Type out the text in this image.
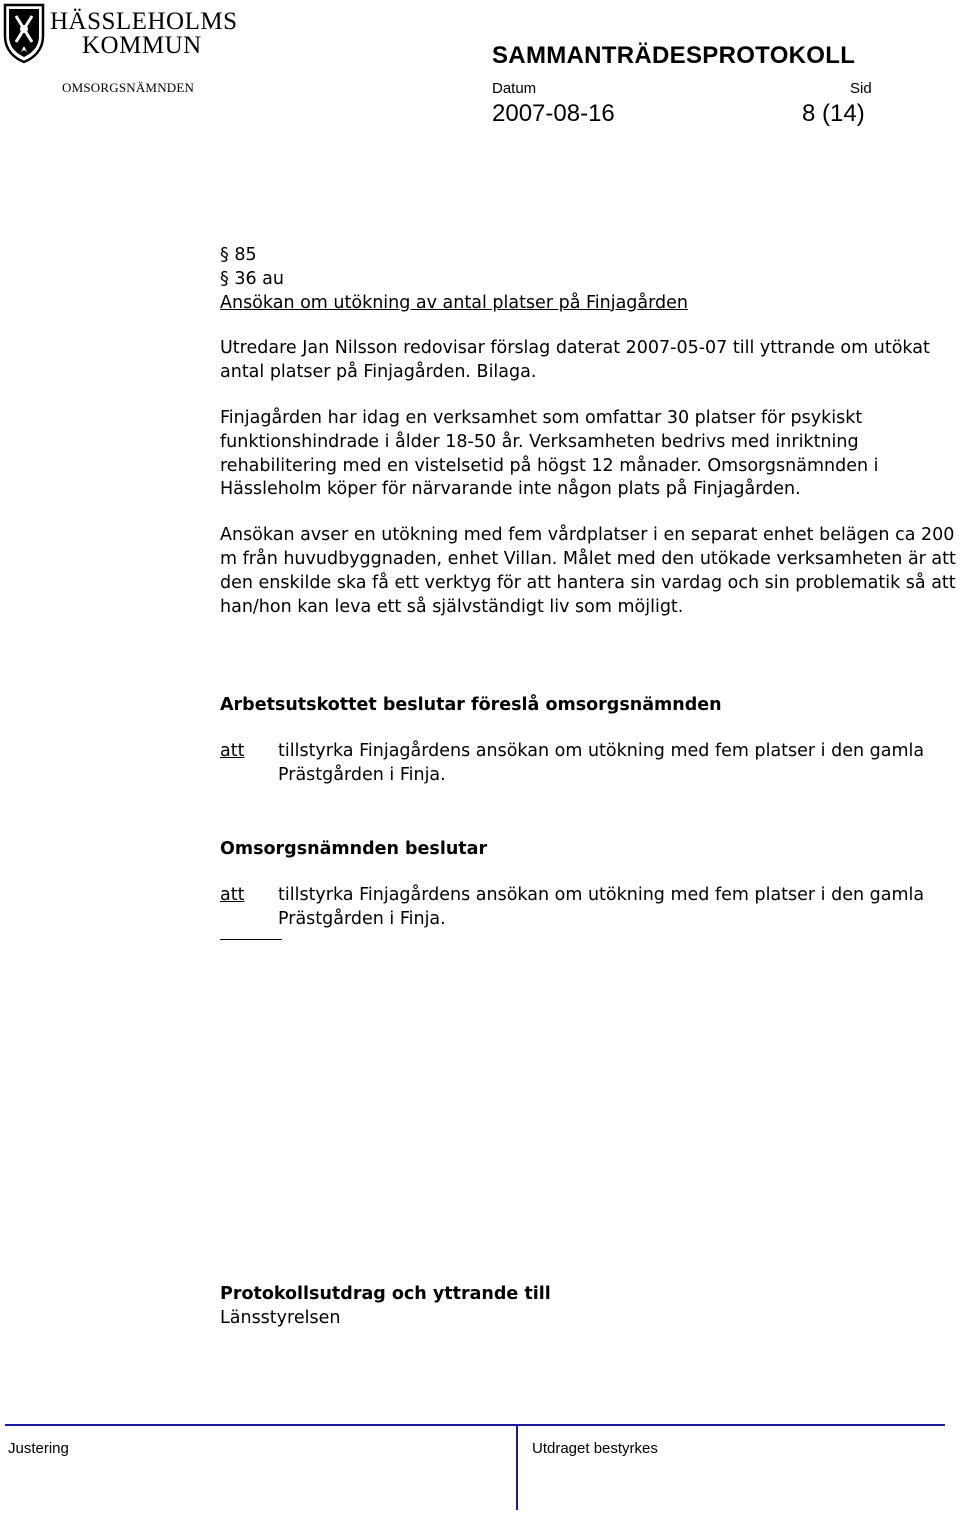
HÄSSLEHOLMS
KOMMUN
OMSORGSNÄMNDEN
SAMMANTRÄDESPROTOKOLL
Datum	Sid
2007-08-16	8 (14)

§ 85

§ 36 au

Ansökan om utökning av antal platser på Finjagården

Utredare Jan Nilsson redovisar förslag daterat 2007-05-07 till yttrande om utökat antal platser på Finjagården. Bilaga.

Finjagården har idag en verksamhet som omfattar 30 platser för psykiskt funktionshindrade i ålder 18-50 år. Verksamheten bedrivs med inriktning rehabilitering med en vistelsetid på högst 12 månader. Omsorgsnämnden i Hässleholm köper för närvarande inte någon plats på Finjagården.

Ansökan avser en utökning med fem vårdplatser i en separat enhet belägen ca 200 m från huvudbyggnaden, enhet Villan. Målet med den utökade verksamheten är att den enskilde ska få ett verktyg för att hantera sin vardag och sin problematik så att han/hon kan leva ett så självständigt liv som möjligt.

Arbetsutskottet beslutar föreslå omsorgsnämnden

att tillstyrka Finjagårdens ansökan om utökning med fem platser i den gamla Prästgården i Finja.

Omsorgsnämnden beslutar

att tillstyrka Finjagårdens ansökan om utökning med fem platser i den gamla Prästgården i Finja.

Protokollsutdrag och yttrande till

Länsstyrelsen

Justering	Utdraget bestyrkes
